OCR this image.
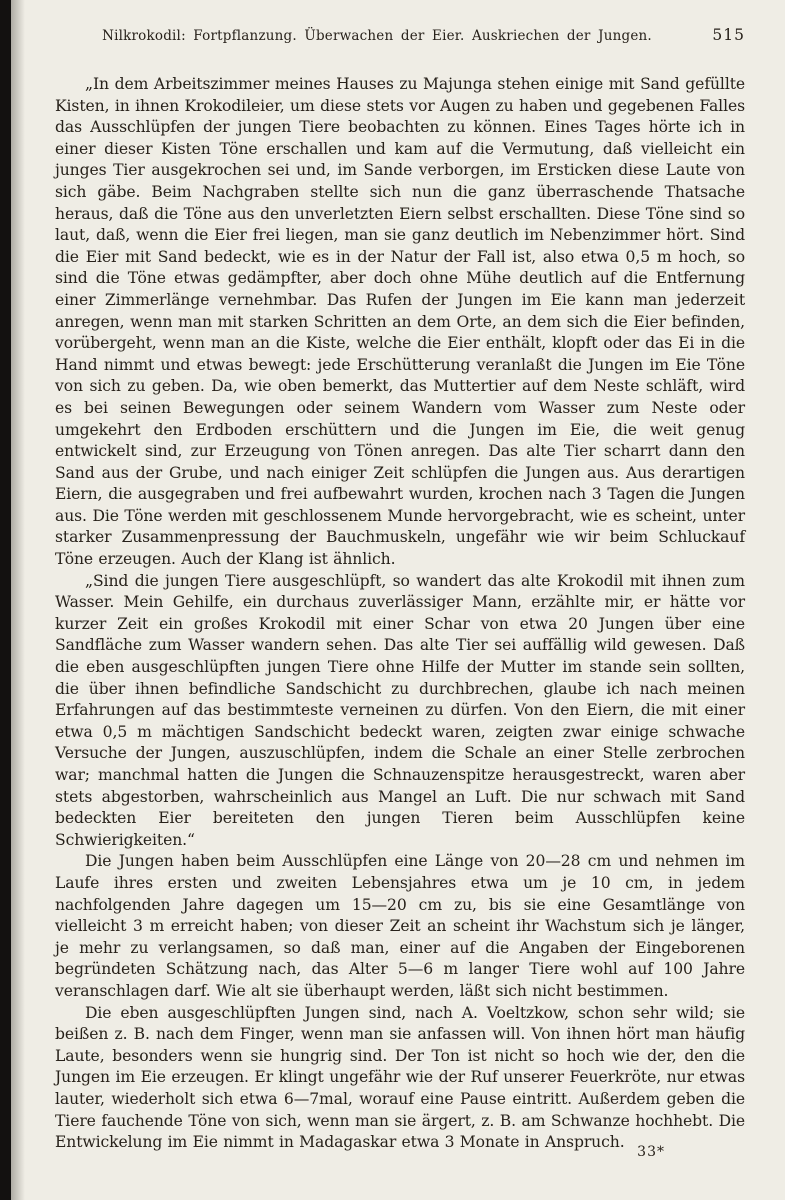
Nilkrokodil: Fortpflanzung. Überwachen der Eier. Auskriechen der Jungen.	515

„In dem Arbeitszimmer meines Hauses zu Majunga stehen einige mit Sand gefüllte Kisten, in ihnen Krokodileier, um diese stets vor Augen zu haben und gegebenen Falles das Ausschlüpfen der jungen Tiere beobachten zu können. Eines Tages hörte ich in einer dieser Kisten Töne erschallen und kam auf die Vermutung, daß vielleicht ein junges Tier ausgekrochen sei und, im Sande verborgen, im Ersticken diese Laute von sich gäbe. Beim Nachgraben stellte sich nun die ganz überraschende Thatsache heraus, daß die Töne aus den unverletzten Eiern selbst erschallten. Diese Töne sind so laut, daß, wenn die Eier frei liegen, man sie ganz deutlich im Nebenzimmer hört. Sind die Eier mit Sand bedeckt, wie es in der Natur der Fall ist, also etwa 0,5 m hoch, so sind die Töne etwas gedämpfter, aber doch ohne Mühe deutlich auf die Entfernung einer Zimmerlänge vernehmbar. Das Rufen der Jungen im Eie kann man jederzeit anregen, wenn man mit starken Schritten an dem Orte, an dem sich die Eier befinden, vorübergeht, wenn man an die Kiste, welche die Eier enthält, klopft oder das Ei in die Hand nimmt und etwas bewegt: jede Erschütterung veranlaßt die Jungen im Eie Töne von sich zu geben. Da, wie oben bemerkt, das Muttertier auf dem Neste schläft, wird es bei seinen Bewegungen oder seinem Wandern vom Wasser zum Neste oder umgekehrt den Erdboden erschüttern und die Jungen im Eie, die weit genug entwickelt sind, zur Erzeugung von Tönen anregen. Das alte Tier scharrt dann den Sand aus der Grube, und nach einiger Zeit schlüpfen die Jungen aus. Aus derartigen Eiern, die ausgegraben und frei aufbewahrt wurden, krochen nach 3 Tagen die Jungen aus. Die Töne werden mit geschlossenem Munde hervorgebracht, wie es scheint, unter starker Zusammenpressung der Bauchmuskeln, ungefähr wie wir beim Schluckauf Töne erzeugen. Auch der Klang ist ähnlich.

„Sind die jungen Tiere ausgeschlüpft, so wandert das alte Krokodil mit ihnen zum Wasser. Mein Gehilfe, ein durchaus zuverlässiger Mann, erzählte mir, er hätte vor kurzer Zeit ein großes Krokodil mit einer Schar von etwa 20 Jungen über eine Sandfläche zum Wasser wandern sehen. Das alte Tier sei auffällig wild gewesen. Daß die eben ausgeschlüpften jungen Tiere ohne Hilfe der Mutter im stande sein sollten, die über ihnen befindliche Sandschicht zu durchbrechen, glaube ich nach meinen Erfahrungen auf das bestimmteste verneinen zu dürfen. Von den Eiern, die mit einer etwa 0,5 m mächtigen Sandschicht bedeckt waren, zeigten zwar einige schwache Versuche der Jungen, auszuschlüpfen, indem die Schale an einer Stelle zerbrochen war; manchmal hatten die Jungen die Schnauzenspitze herausgestreckt, waren aber stets abgestorben, wahrscheinlich aus Mangel an Luft. Die nur schwach mit Sand bedeckten Eier bereiteten den jungen Tieren beim Ausschlüpfen keine Schwierigkeiten.“

Die Jungen haben beim Ausschlüpfen eine Länge von 20—28 cm und nehmen im Laufe ihres ersten und zweiten Lebensjahres etwa um je 10 cm, in jedem nachfolgenden Jahre dagegen um 15—20 cm zu, bis sie eine Gesamtlänge von vielleicht 3 m erreicht haben; von dieser Zeit an scheint ihr Wachstum sich je länger, je mehr zu verlangsamen, so daß man, einer auf die Angaben der Eingeborenen begründeten Schätzung nach, das Alter 5—6 m langer Tiere wohl auf 100 Jahre veranschlagen darf. Wie alt sie überhaupt werden, läßt sich nicht bestimmen.

Die eben ausgeschlüpften Jungen sind, nach A. Voeltzkow, schon sehr wild; sie beißen z. B. nach dem Finger, wenn man sie anfassen will. Von ihnen hört man häufig Laute, besonders wenn sie hungrig sind. Der Ton ist nicht so hoch wie der, den die Jungen im Eie erzeugen. Er klingt ungefähr wie der Ruf unserer Feuerkröte, nur etwas lauter, wiederholt sich etwa 6—7mal, worauf eine Pause eintritt. Außerdem geben die Tiere fauchende Töne von sich, wenn man sie ärgert, z. B. am Schwanze hochhebt. Die Entwickelung im Eie nimmt in Madagaskar etwa 3 Monate in Anspruch.

33*
